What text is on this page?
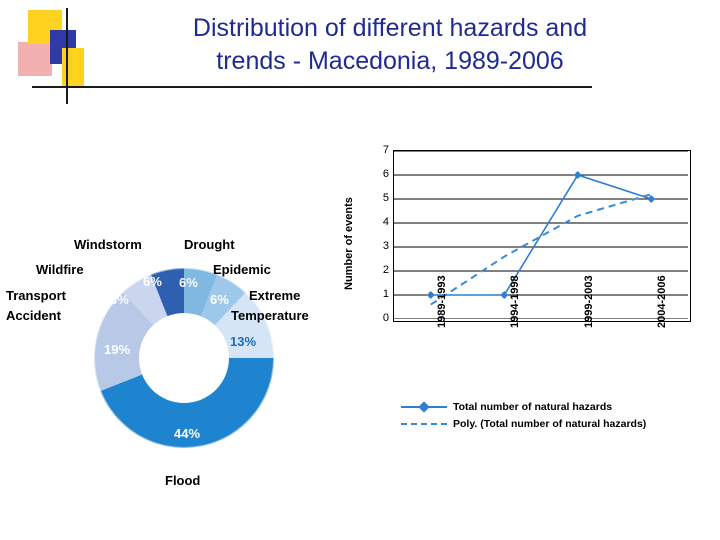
Distribution of different hazards and
trends - Macedonia, 1989-2006
44%
19%
6%
6% 6%
6%
13%
Flood
Transport
Accident
Wildfire
Windstorm	Drought
Epidemic
Extreme
Temperature
Number of events
0
1
2
3
4
5
6
7
1989-1993	1994-1998	1999-2003	2004-2006
Total number of natural hazards
Poly. (Total number of natural hazards)
